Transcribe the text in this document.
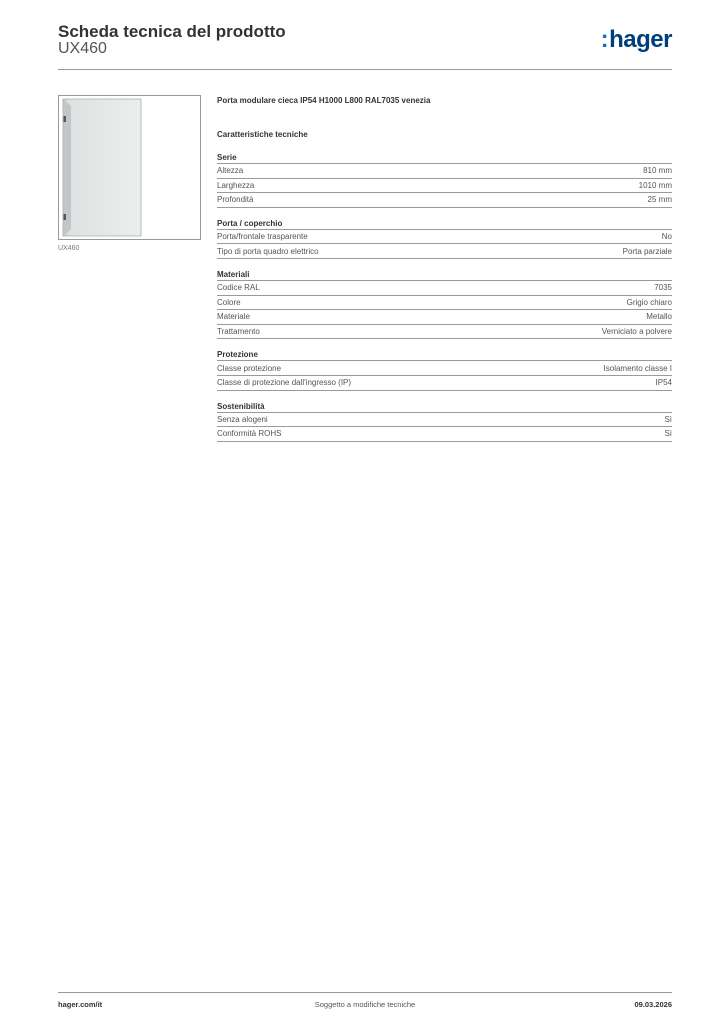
Scheda tecnica del prodotto
UX460	:hager
UX460
Porta modulare cieca IP54 H1000 L800 RAL7035 venezia
Caratteristiche tecniche
Serie
Altezza	810 mm
Larghezza	1010 mm
Profondità	25 mm
Porta / coperchio
Porta/frontale trasparente	No
Tipo di porta quadro elettrico	Porta parziale
Materiali
Codice RAL	7035
Colore	Grigio chiaro
Materiale	Metallo
Trattamento	Verniciato a polvere
Protezione
Classe protezione	Isolamento classe I
Classe di protezione dall'ingresso (IP)	IP54
Sostenibilità
Senza alogeni	Sì
Conformità ROHS	Sì
hager.com/it	Soggetto a modifiche tecniche	09.03.2026
